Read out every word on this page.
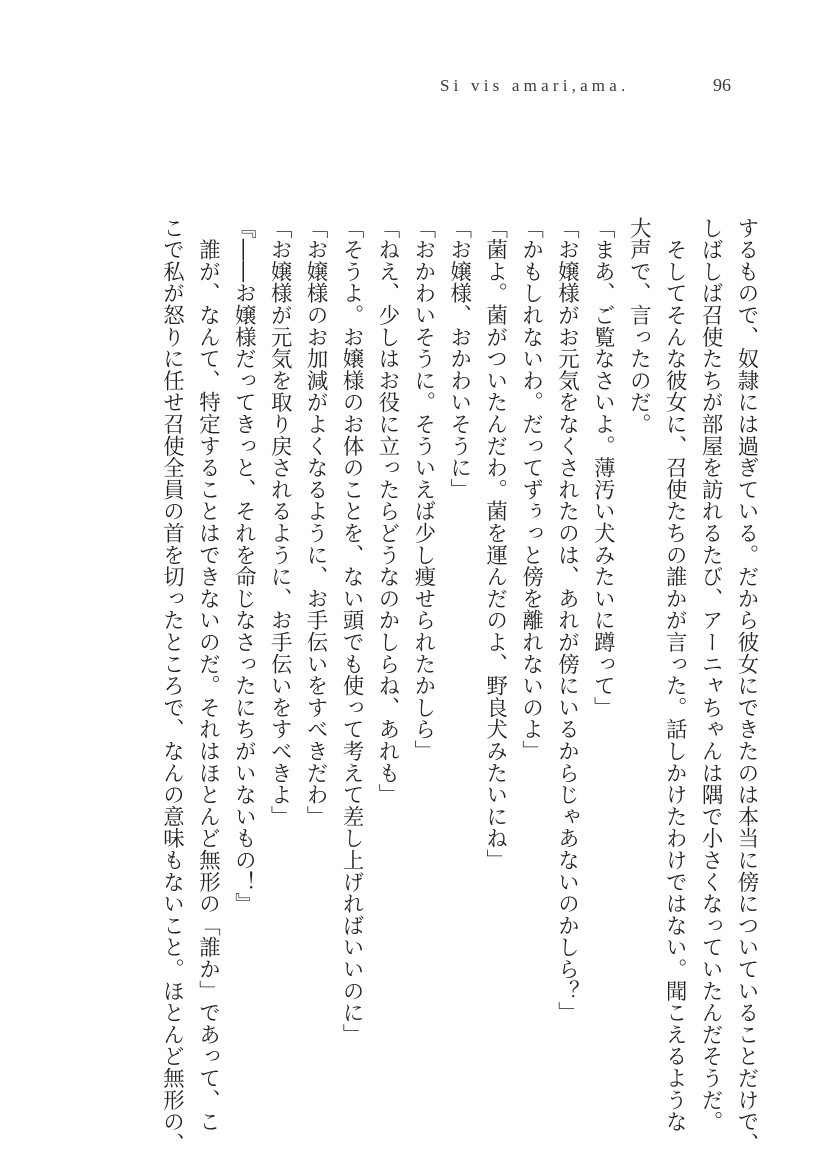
Si vis amari,ama.	96
するもので、奴隷には過ぎている。だから彼女にできたのは本当に傍についていることだけで、
しばしば召使たちが部屋を訪れるたび、アーニャちゃんは隅で小さくなっていたんだそうだ。
　そしてそんな彼女に、召使たちの誰かが言った。話しかけたわけではない。聞こえるような
大声で、言ったのだ。
「まあ、ご覧なさいよ。薄汚い犬みたいに蹲って」
「お嬢様がお元気をなくされたのは、あれが傍にいるからじゃあないのかしら？」
「かもしれないわ。だってずぅっと傍を離れないのよ」
「菌よ。菌がついたんだわ。菌を運んだのよ、野良犬みたいにね」
「お嬢様、おかわいそうに」
「おかわいそうに。そういえば少し痩せられたかしら」
「ねえ、少しはお役に立ったらどうなのかしらね、あれも」
「そうよ。お嬢様のお体のことを、ない頭でも使って考えて差し上げればいいのに」
「お嬢様のお加減がよくなるように、お手伝いをすべきだわ」
「お嬢様が元気を取り戻されるように、お手伝いをすべきよ」
『――お嬢様だってきっと、それを命じなさったにちがいないもの！』
　誰が、なんて、特定することはできないのだ。それはほとんど無形の「誰か」であって、こ
こで私が怒りに任せ召使全員の首を切ったところで、なんの意味もないこと。ほとんど無形の、
